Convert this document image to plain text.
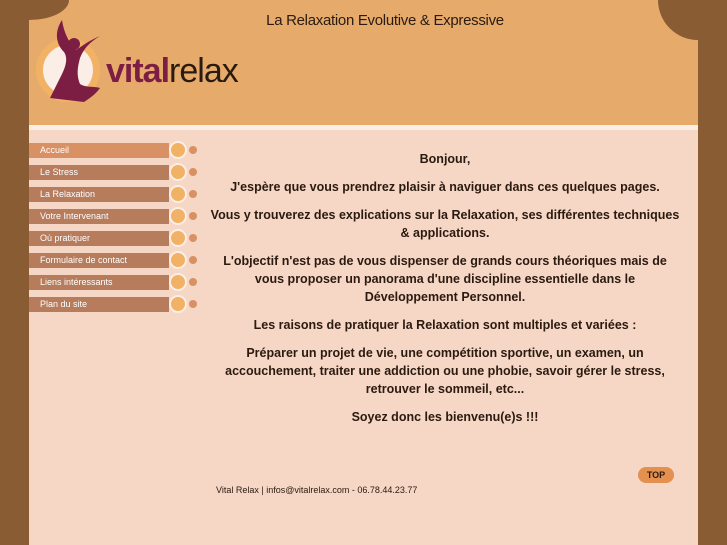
La Relaxation Evolutive & Expressive
vitalrelax
Accueil
Le Stress
La Relaxation
Votre Intervenant
Où pratiquer
Formulaire de contact
Liens intéressants
Plan du site

Bonjour,

J'espère que vous prendrez plaisir à naviguer dans ces quelques pages.

Vous y trouverez des explications sur la Relaxation, ses différentes techniques & applications.

L'objectif n'est pas de vous dispenser de grands cours théoriques mais de vous proposer un panorama d'une discipline essentielle dans le Développement Personnel.

Les raisons de pratiquer la Relaxation sont multiples et variées :

Préparer un projet de vie, une compétition sportive, un examen, un accouchement, traiter une addiction ou une phobie, savoir gérer le stress, retrouver le sommeil, etc...

Soyez donc les bienvenu(e)s !!!

TOP
Vital Relax | infos@vitalrelax.com - 06.78.44.23.77
